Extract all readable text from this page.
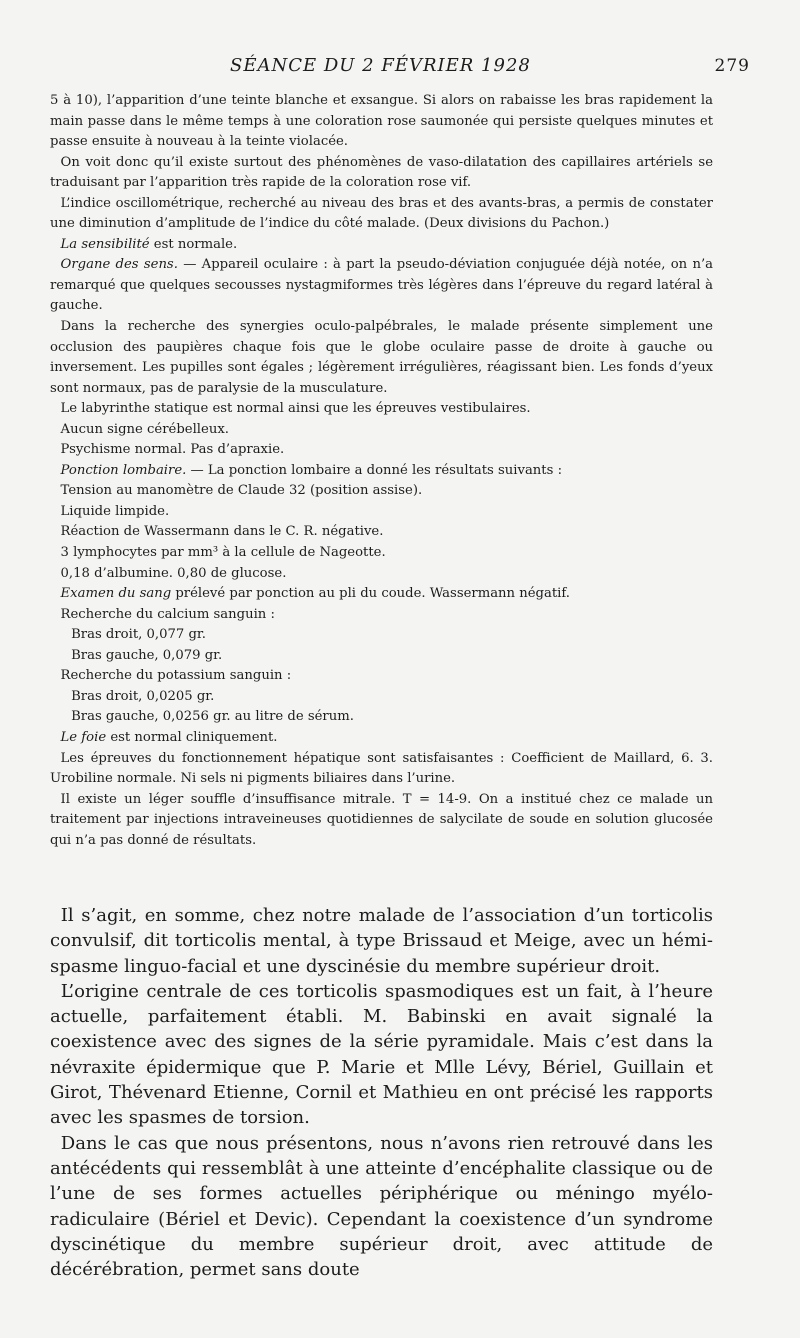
SÉANCE DU 2 FÉVRIER 1928	279

5 à 10), l’apparition d’une teinte blanche et exsangue. Si alors on rabaisse les bras rapidement la main passe dans le même temps à une coloration rose saumonée qui persiste quelques minutes et passe ensuite à nouveau à la teinte violacée.

On voit donc qu’il existe surtout des phénomènes de vaso-dilatation des capillaires artériels se traduisant par l’apparition très rapide de la coloration rose vif.

L’indice oscillométrique, recherché au niveau des bras et des avants-bras, a permis de constater une diminution d’amplitude de l’indice du côté malade. (Deux divisions du Pachon.)

La sensibilité est normale.

Organe des sens. — Appareil oculaire : à part la pseudo-déviation conjuguée déjà notée, on n’a remarqué que quelques secousses nystagmiformes très légères dans l’épreuve du regard latéral à gauche.

Dans la recherche des synergies oculo-palpébrales, le malade présente simplement une occlusion des paupières chaque fois que le globe oculaire passe de droite à gauche ou inversement. Les pupilles sont égales ; légèrement irrégulières, réagissant bien. Les fonds d’yeux sont normaux, pas de paralysie de la musculature.

Le labyrinthe statique est normal ainsi que les épreuves vestibulaires.

Aucun signe cérébelleux.

Psychisme normal. Pas d’apraxie.

Ponction lombaire. — La ponction lombaire a donné les résultats suivants :

Tension au manomètre de Claude 32 (position assise).

Liquide limpide.

Réaction de Wassermann dans le C. R. négative.

3 lymphocytes par mm³ à la cellule de Nageotte.

0,18 d’albumine. 0,80 de glucose.

Examen du sang prélevé par ponction au pli du coude. Wassermann négatif.

Recherche du calcium sanguin :

Bras droit, 0,077 gr.

Bras gauche, 0,079 gr.

Recherche du potassium sanguin :

Bras droit, 0,0205 gr.

Bras gauche, 0,0256 gr. au litre de sérum.

Le foie est normal cliniquement.

Les épreuves du fonctionnement hépatique sont satisfaisantes : Coefficient de Maillard, 6. 3. Urobiline normale. Ni sels ni pigments biliaires dans l’urine.

Il existe un léger souffle d’insuffisance mitrale. T = 14-9. On a institué chez ce malade un traitement par injections intraveineuses quotidiennes de salycilate de soude en solution glucosée qui n’a pas donné de résultats.

Il s’agit, en somme, chez notre malade de l’association d’un torticolis convulsif, dit torticolis mental, à type Brissaud et Meige, avec un hémi-spasme linguo-facial et une dyscinésie du membre supérieur droit.

L’origine centrale de ces torticolis spasmodiques est un fait, à l’heure actuelle, parfaitement établi. M. Babinski en avait signalé la coexistence avec des signes de la série pyramidale. Mais c’est dans la névraxite épidermique que P. Marie et Mlle Lévy, Bériel, Guillain et Girot, Thévenard Etienne, Cornil et Mathieu en ont précisé les rapports avec les spasmes de torsion.

Dans le cas que nous présentons, nous n’avons rien retrouvé dans les antécédents qui ressemblât à une atteinte d’encéphalite classique ou de l’une de ses formes actuelles périphérique ou méningo myélo-radiculaire (Bériel et Devic). Cependant la coexistence d’un syndrome dyscinétique du membre supérieur droit, avec attitude de décérébration, permet sans doute
